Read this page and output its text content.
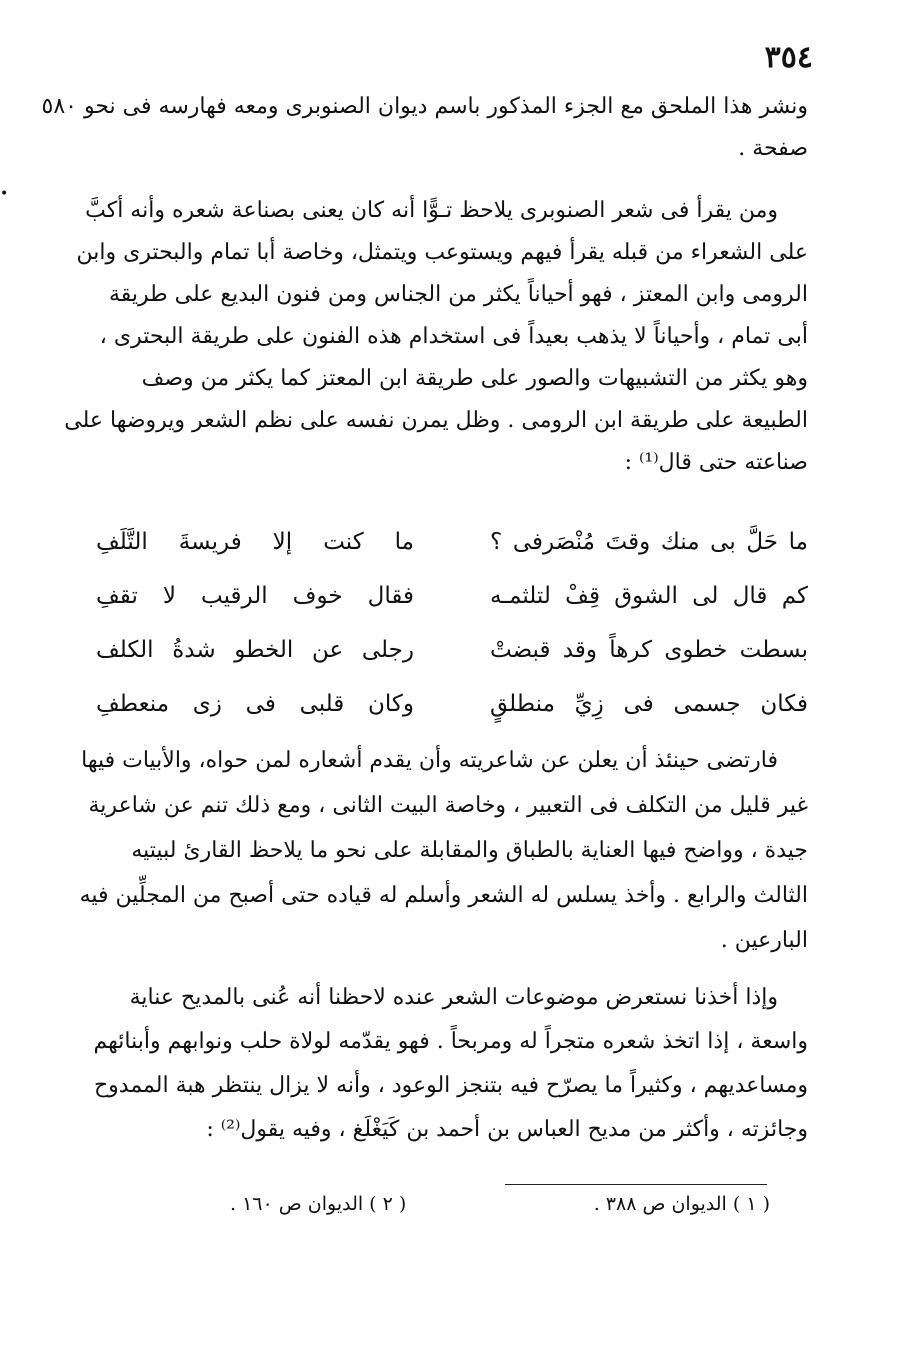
•
٣٥٤
ونشر هذا الملحق مع الجزء المذكور باسم ديوان الصنوبرى ومعه فهارسه فى نحو ٥٨٠
صفحة .
ومن يقرأ فى شعر الصنوبرى يلاحظ تـوًّا أنه كان يعنى بصناعة شعره وأنه أكبَّ
على الشعراء من قبله يقرأ فيهم ويستوعب ويتمثل، وخاصة أبا تمام والبحترى وابن
الرومى وابن المعتز ، فهو أحياناً يكثر من الجناس ومن فنون البديع على طريقة
أبى تمام ، وأحياناً لا يذهب بعيداً فى استخدام هذه الفنون على طريقة البحترى ،
وهو يكثر من التشبيهات والصور على طريقة ابن المعتز كما يكثر من وصف
الطبيعة على طريقة ابن الرومى . وظل يمرن نفسه على نظم الشعر ويروضها على
صناعته حتى قال⁽¹⁾ :
ما حَلَّ بى منك وقتَ مُنْصَرفى ؟
ما كنت إلا فريسةَ التَّلَفِ
كم قال لى الشوق قِفْ لتلثمـه
فقال خوف الرقيب لا تقفِ
بسطت خطوى كرهاً وقد قبضتْ
رجلى عن الخطو شدةُ الكلف
فكان جسمى فى زِيِّ منطلقٍ
وكان قلبى فى زى منعطفِ
فارتضى حينئذ أن يعلن عن شاعريته وأن يقدم أشعاره لمن حواه، والأبيات فيها
غير قليل من التكلف فى التعبير ، وخاصة البيت الثانى ، ومع ذلك تنم عن شاعرية
جيدة ، وواضح فيها العناية بالطباق والمقابلة على نحو ما يلاحظ القارئ لبيتيه
الثالث والرابع . وأخذ يسلس له الشعر وأسلم له قياده حتى أصبح من المجلِّين فيه
البارعين .
وإذا أخذنا نستعرض موضوعات الشعر عنده لاحظنا أنه عُنى بالمديح عناية
واسعة ، إذا اتخذ شعره متجراً له ومربحاً . فهو يقدّمه لولاة حلب ونوابهم وأبنائهم
ومساعديهم ، وكثيراً ما يصرّح فيه بتنجز الوعود ، وأنه لا يزال ينتظر هبة الممدوح
وجائزته ، وأكثر من مديح العباس بن أحمد بن كَيَغْلَغ ، وفيه يقول⁽²⁾ :
( ١ ) الديوان ص ٣٨٨ .
( ٢ ) الديوان ص ١٦٠ .
